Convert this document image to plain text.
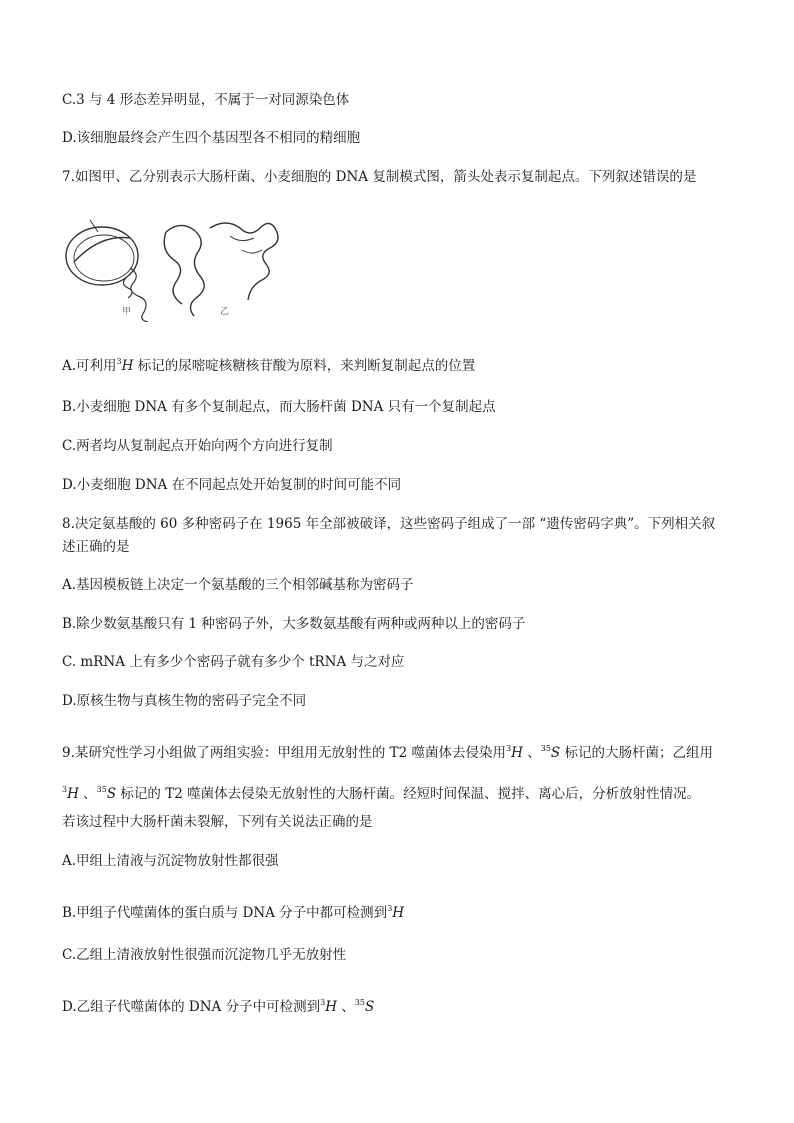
C.3 与 4 形态差异明显，不属于一对同源染色体
D.该细胞最终会产生四个基因型各不相同的精细胞
7.如图甲、乙分别表示大肠杆菌、小麦细胞的 DNA 复制模式图，箭头处表示复制起点。下列叙述错误的是
甲	乙
A.可利用$^3$H 标记的尿嘧啶核糖核苷酸为原料，来判断复制起点的位置
B.小麦细胞 DNA 有多个复制起点，而大肠杆菌 DNA 只有一个复制起点
C.两者均从复制起点开始向两个方向进行复制
D.小麦细胞 DNA 在不同起点处开始复制的时间可能不同
8.决定氨基酸的 60 多种密码子在 1965 年全部被破译，这些密码子组成了一部 “遗传密码字典”。下列相关叙
述正确的是
A.基因模板链上决定一个氨基酸的三个相邻碱基称为密码子
B.除少数氨基酸只有 1 种密码子外，大多数氨基酸有两种或两种以上的密码子
C. mRNA 上有多少个密码子就有多少个 tRNA 与之对应
D.原核生物与真核生物的密码子完全不同
9.某研究性学习小组做了两组实验：甲组用无放射性的 T2 噬菌体去侵染用$^3$H 、$^{35}$S 标记的大肠杆菌；乙组用
$^3$H 、$^{35}$S 标记的 T2 噬菌体去侵染无放射性的大肠杆菌。经短时间保温、搅拌、离心后，分析放射性情况。
若该过程中大肠杆菌未裂解，下列有关说法正确的是
A.甲组上清液与沉淀物放射性都很强
B.甲组子代噬菌体的蛋白质与 DNA 分子中都可检测到$^3$H
C.乙组上清液放射性很强而沉淀物几乎无放射性
D.乙组子代噬菌体的 DNA 分子中可检测到$^3$H 、$^{35}$S
